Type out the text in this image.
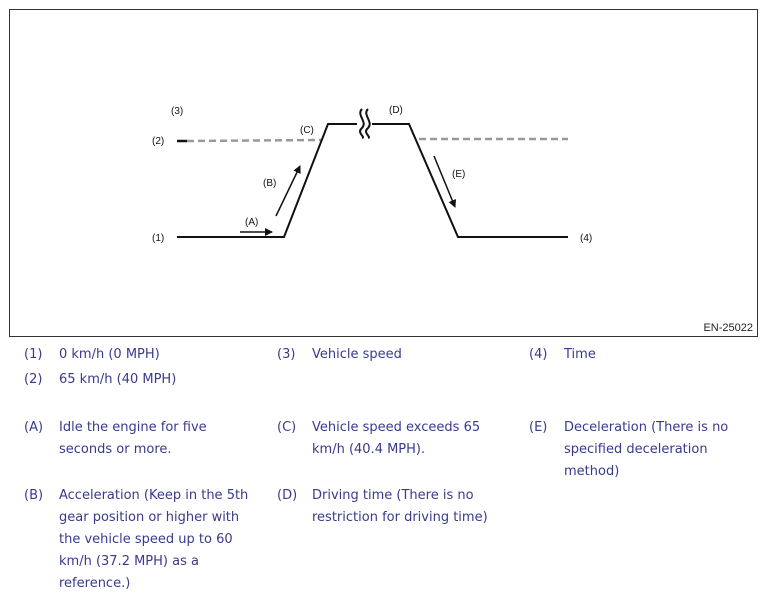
(3)
(1)
(2)
(4)
(A)
(B)
(C)
(D)
(E)
EN-25022
(1) 0 km/h (0 MPH)
(2) 65 km/h (40 MPH)
(3) Vehicle speed	(4) Time
(A) Idle the engine for five seconds or more.
(B) Acceleration (Keep in the 5th gear position or higher with the vehicle speed up to 60 km/h (37.2 MPH) as a reference.)
(C) Vehicle speed exceeds 65 km/h (40.4 MPH).
(D) Driving time (There is no restriction for driving time)
(E) Deceleration (There is no specified deceleration method)
